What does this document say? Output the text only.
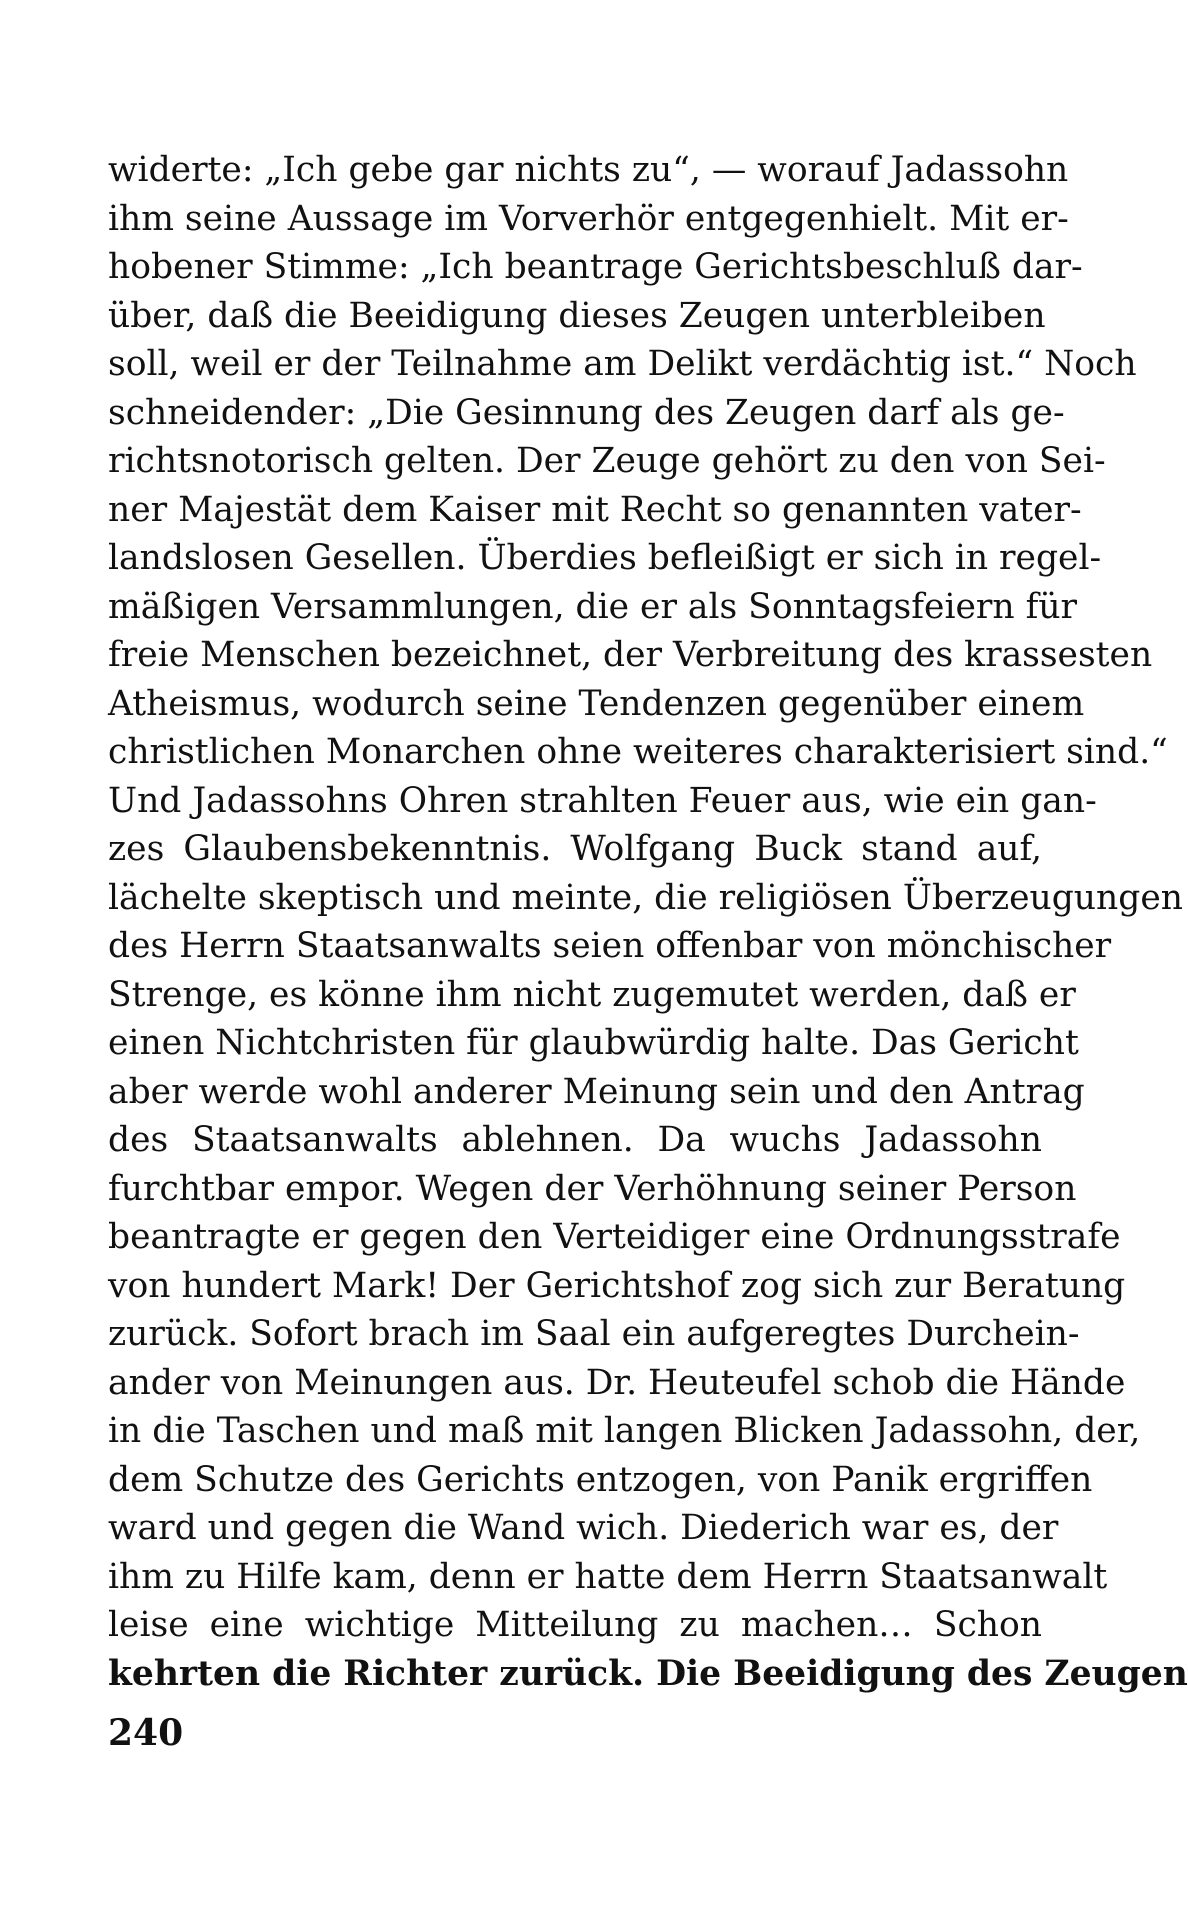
widerte: „Ich gebe gar nichts zu“, — worauf Jadassohn
ihm seine Aussage im Vorverhör entgegenhielt. Mit er-
hobener Stimme: „Ich beantrage Gerichtsbeschluß dar-
über, daß die Beeidigung dieses Zeugen unterbleiben
soll, weil er der Teilnahme am Delikt verdächtig ist.“ Noch
schneidender: „Die Gesinnung des Zeugen darf als ge-
richtsnotorisch gelten. Der Zeuge gehört zu den von Sei-
ner Majestät dem Kaiser mit Recht so genannten vater-
landslosen Gesellen. Überdies befleißigt er sich in regel-
mäßigen Versammlungen, die er als Sonntagsfeiern für
freie Menschen bezeichnet, der Verbreitung des krassesten
Atheismus, wodurch seine Tendenzen gegenüber einem
christlichen Monarchen ohne weiteres charakterisiert sind.“
Und Jadassohns Ohren strahlten Feuer aus, wie ein gan-
zes Glaubensbekenntnis. Wolfgang Buck stand auf,
lächelte skeptisch und meinte, die religiösen Überzeugungen
des Herrn Staatsanwalts seien offenbar von mönchischer
Strenge, es könne ihm nicht zugemutet werden, daß er
einen Nichtchristen für glaubwürdig halte. Das Gericht
aber werde wohl anderer Meinung sein und den Antrag
des Staatsanwalts ablehnen. Da wuchs Jadassohn
furchtbar empor. Wegen der Verhöhnung seiner Person
beantragte er gegen den Verteidiger eine Ordnungsstrafe
von hundert Mark! Der Gerichtshof zog sich zur Beratung
zurück. Sofort brach im Saal ein aufgeregtes Durchein-
ander von Meinungen aus. Dr. Heuteufel schob die Hände
in die Taschen und maß mit langen Blicken Jadassohn, der,
dem Schutze des Gerichts entzogen, von Panik ergriffen
ward und gegen die Wand wich. Diederich war es, der
ihm zu Hilfe kam, denn er hatte dem Herrn Staatsanwalt
leise eine wichtige Mitteilung zu machen… Schon
kehrten die Richter zurück. Die Beeidigung des Zeugen
240
